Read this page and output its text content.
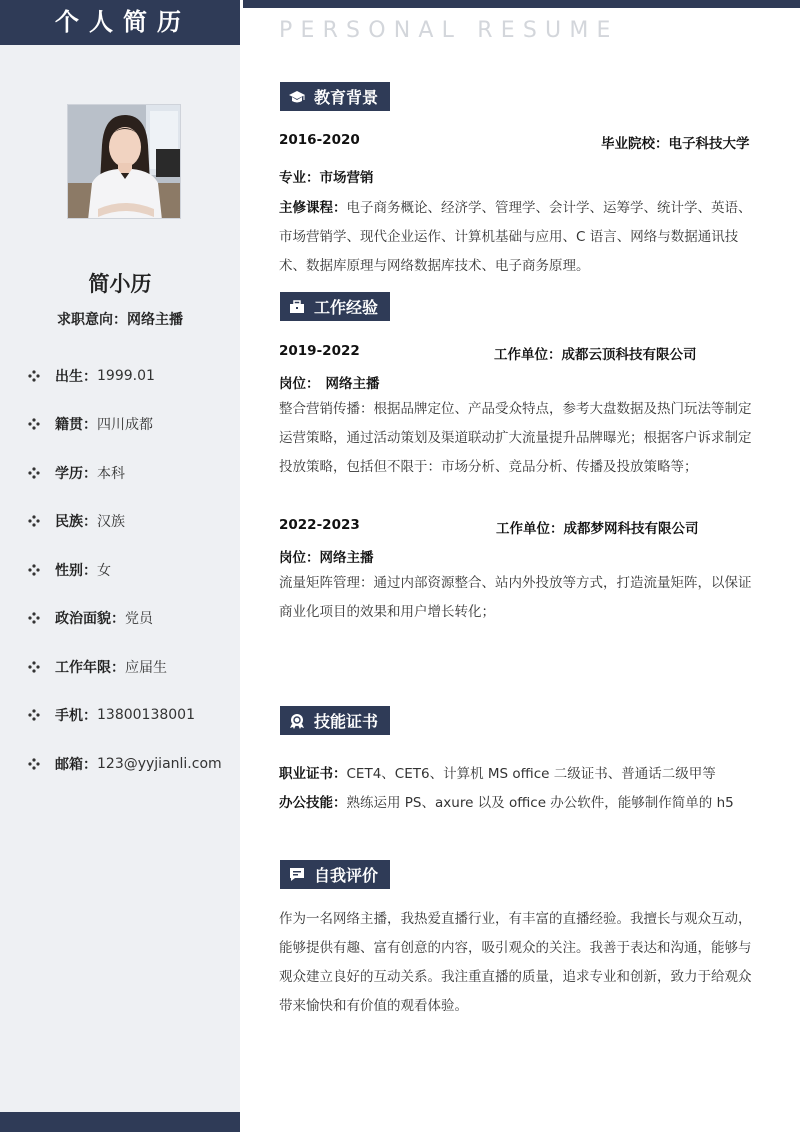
个人简历
简小历
求职意向：网络主播
出生： 1999.01
籍贯： 四川成都
学历： 本科
民族： 汉族
性别： 女
政治面貌： 党员
工作年限： 应届生
手机： 13800138001
邮箱： 123@yyjianli.com
PERSONAL RESUME
教育背景
2016-2020	毕业院校：电子科技大学
专业：市场营销
主修课程：电子商务概论、经济学、管理学、会计学、运筹学、统计学、英语、市场营销学、现代企业运作、计算机基础与应用、C 语言、网络与数据通讯技术、数据库原理与网络数据库技术、电子商务原理。
工作经验
2019-2022	工作单位：成都云顶科技有限公司
岗位： 网络主播
整合营销传播：根据品牌定位、产品受众特点，参考大盘数据及热门玩法等制定运营策略，通过活动策划及渠道联动扩大流量提升品牌曝光；根据客户诉求制定投放策略，包括但不限于：市场分析、竞品分析、传播及投放策略等；
2022-2023	工作单位：成都梦网科技有限公司
岗位：网络主播
流量矩阵管理：通过内部资源整合、站内外投放等方式，打造流量矩阵，以保证商业化项目的效果和用户增长转化；
技能证书
职业证书：CET4、CET6、计算机 MS office 二级证书、普通话二级甲等
办公技能：熟练运用 PS、axure 以及 office 办公软件，能够制作简单的 h5
自我评价
作为一名网络主播，我热爱直播行业，有丰富的直播经验。我擅长与观众互动，能够提供有趣、富有创意的内容，吸引观众的关注。我善于表达和沟通，能够与观众建立良好的互动关系。我注重直播的质量，追求专业和创新，致力于给观众带来愉快和有价值的观看体验。
